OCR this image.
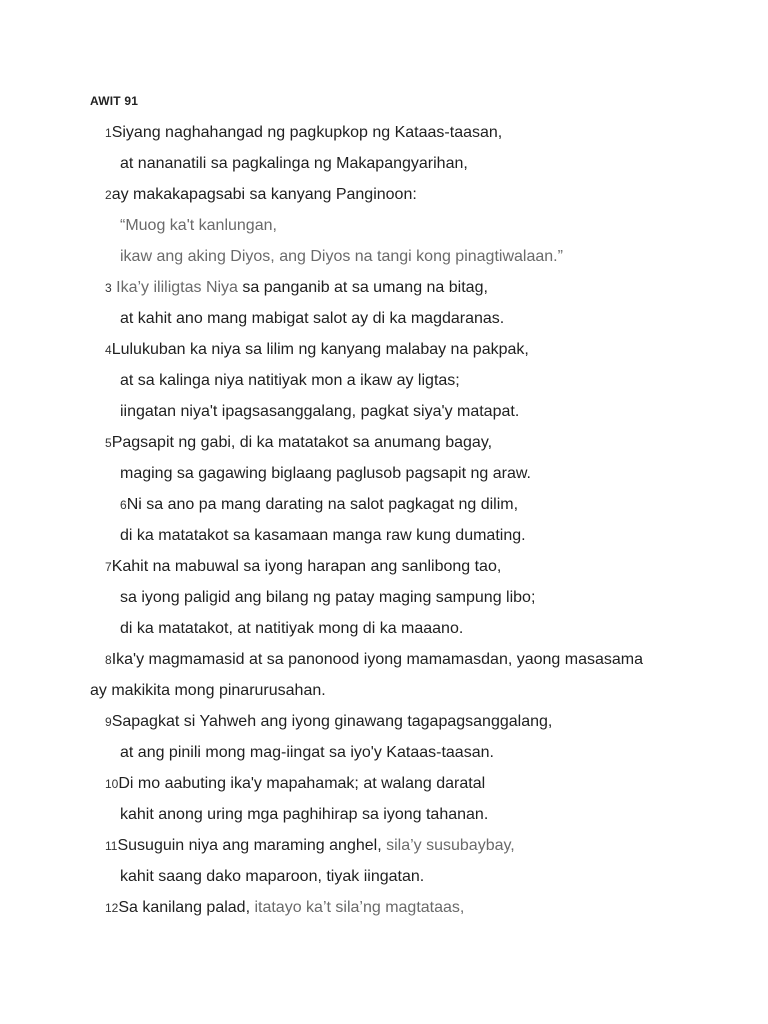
AWIT 91
1Siyang naghahangad ng pagkupkop ng Kataas-taasan,
at nananatili sa pagkalinga ng Makapangyarihan,
2ay makakapagsabi sa kanyang Panginoon:
“Muog ka't kanlungan,
ikaw ang aking Diyos, ang Diyos na tangi kong pinagtiwalaan.”
3 Ika’y ililigtas Niya sa panganib at sa umang na bitag,
at kahit ano mang mabigat salot ay di ka magdaranas.
4Lulukuban ka niya sa lilim ng kanyang malabay na pakpak,
at sa kalinga niya natitiyak mon a ikaw ay ligtas;
iingatan niya't ipagsasanggalang, pagkat siya'y matapat.
5Pagsapit ng gabi, di ka matatakot sa anumang bagay,
maging sa gagawing biglaang paglusob pagsapit ng araw.
6Ni sa ano pa mang darating na salot pagkagat ng dilim,
di ka matatakot sa kasamaan manga raw kung dumating.
7Kahit na mabuwal sa iyong harapan ang sanlibong tao,
sa iyong paligid ang bilang ng patay maging sampung libo;
di ka matatakot, at natitiyak mong di ka maaano.
8Ika'y magmamasid at sa panonood iyong mamamasdan, yaong masasama
ay makikita mong pinarurusahan.
9Sapagkat si Yahweh ang iyong ginawang tagapagsanggalang,
at ang pinili mong mag-iingat sa iyo'y Kataas-taasan.
10Di mo aabuting ika'y mapahamak; at walang daratal
kahit anong uring mga paghihirap sa iyong tahanan.
11Susuguin niya ang maraming anghel, sila’y susubaybay,
kahit saang dako maparoon, tiyak iingatan.
12Sa kanilang palad, itatayo ka’t sila’ng magtataas,
